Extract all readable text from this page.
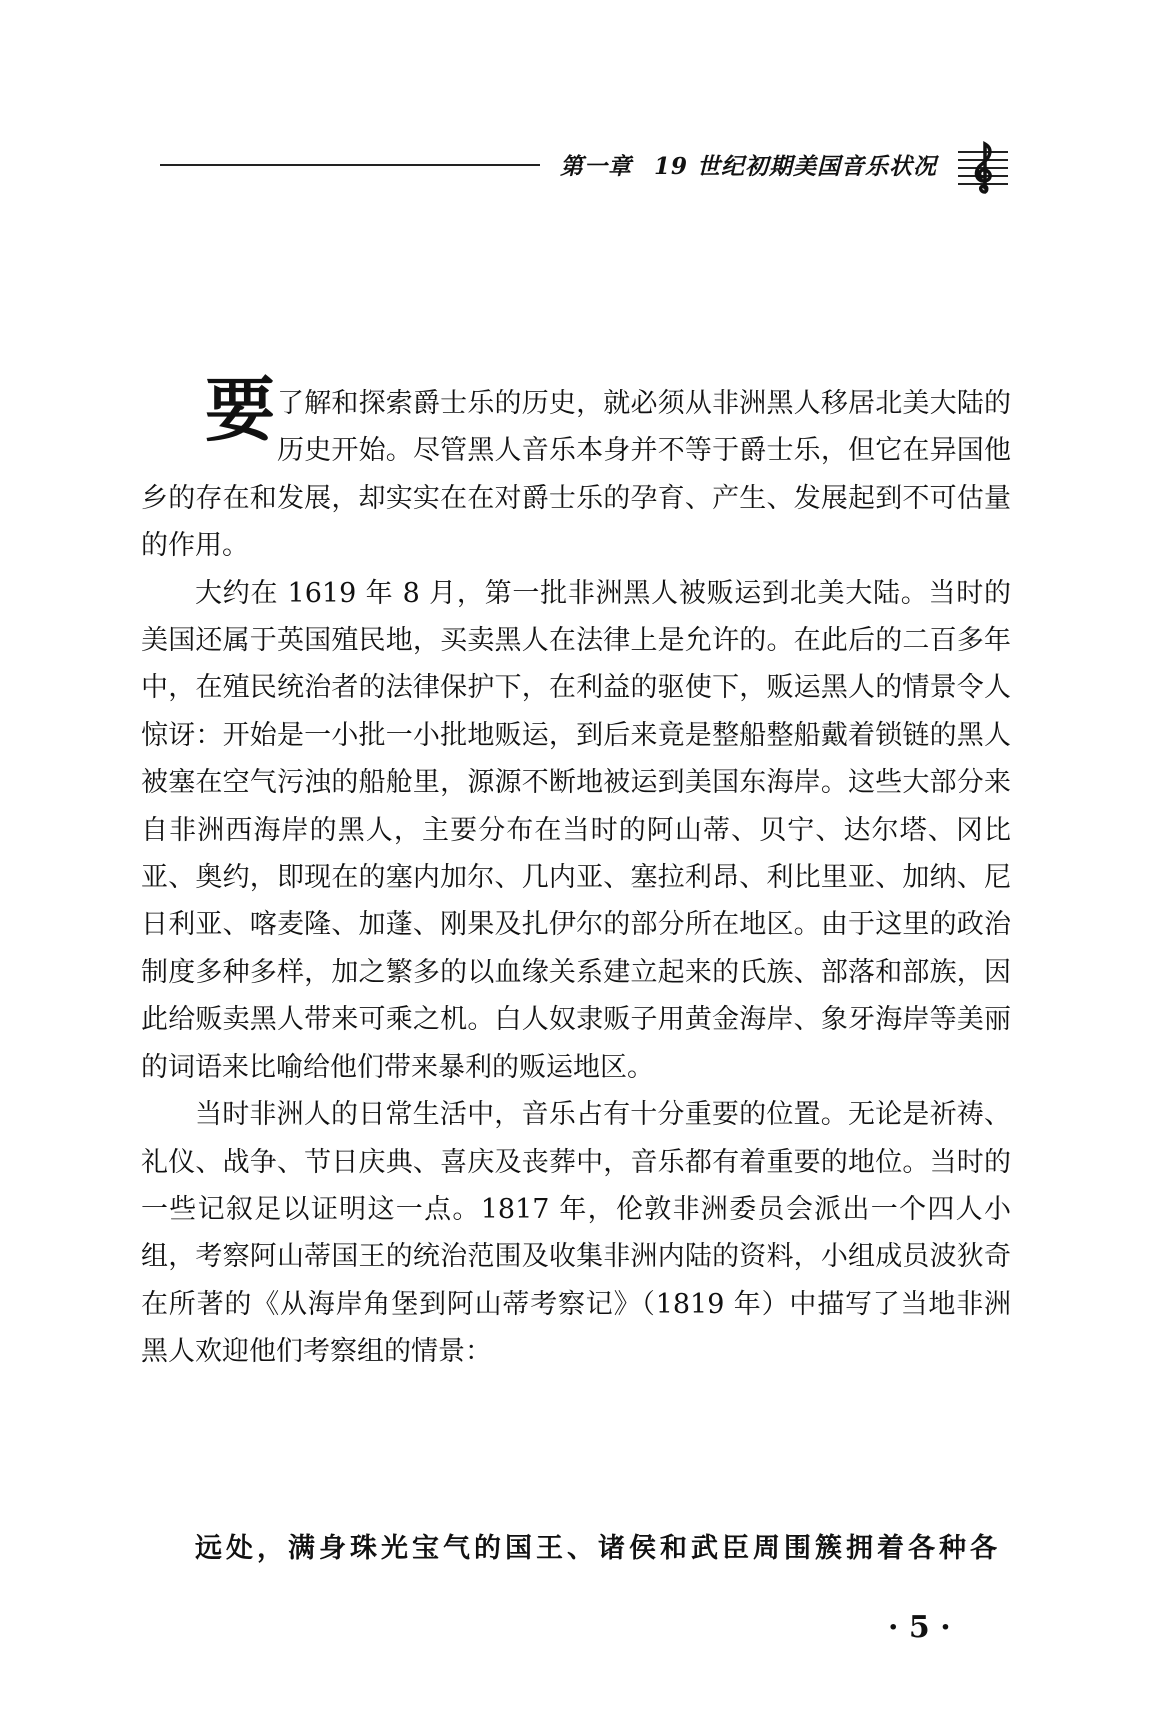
第一章 19 世纪初期美国音乐状况

要了解和探索爵士乐的历史，就必须从非洲黑人移居北美大陆的历史开始。尽管黑人音乐本身并不等于爵士乐，但它在异国他乡的存在和发展，却实实在在对爵士乐的孕育、产生、发展起到不可估量的作用。

大约在 1619 年 8 月，第一批非洲黑人被贩运到北美大陆。当时的美国还属于英国殖民地，买卖黑人在法律上是允许的。在此后的二百多年中，在殖民统治者的法律保护下，在利益的驱使下，贩运黑人的情景令人惊讶：开始是一小批一小批地贩运，到后来竟是整船整船戴着锁链的黑人被塞在空气污浊的船舱里，源源不断地被运到美国东海岸。这些大部分来自非洲西海岸的黑人，主要分布在当时的阿山蒂、贝宁、达尔塔、冈比亚、奥约，即现在的塞内加尔、几内亚、塞拉利昂、利比里亚、加纳、尼日利亚、喀麦隆、加蓬、刚果及扎伊尔的部分所在地区。由于这里的政治制度多种多样，加之繁多的以血缘关系建立起来的氏族、部落和部族，因此给贩卖黑人带来可乘之机。白人奴隶贩子用黄金海岸、象牙海岸等美丽的词语来比喻给他们带来暴利的贩运地区。

当时非洲人的日常生活中，音乐占有十分重要的位置。无论是祈祷、礼仪、战争、节日庆典、喜庆及丧葬中，音乐都有着重要的地位。当时的一些记叙足以证明这一点。1817 年，伦敦非洲委员会派出一个四人小组，考察阿山蒂国王的统治范围及收集非洲内陆的资料，小组成员波狄奇在所著的《从海岸角堡到阿山蒂考察记》（1819 年）中描写了当地非洲黑人欢迎他们考察组的情景：

远处，满身珠光宝气的国王、诸侯和武臣周围簇拥着各种各
· 5 ·
